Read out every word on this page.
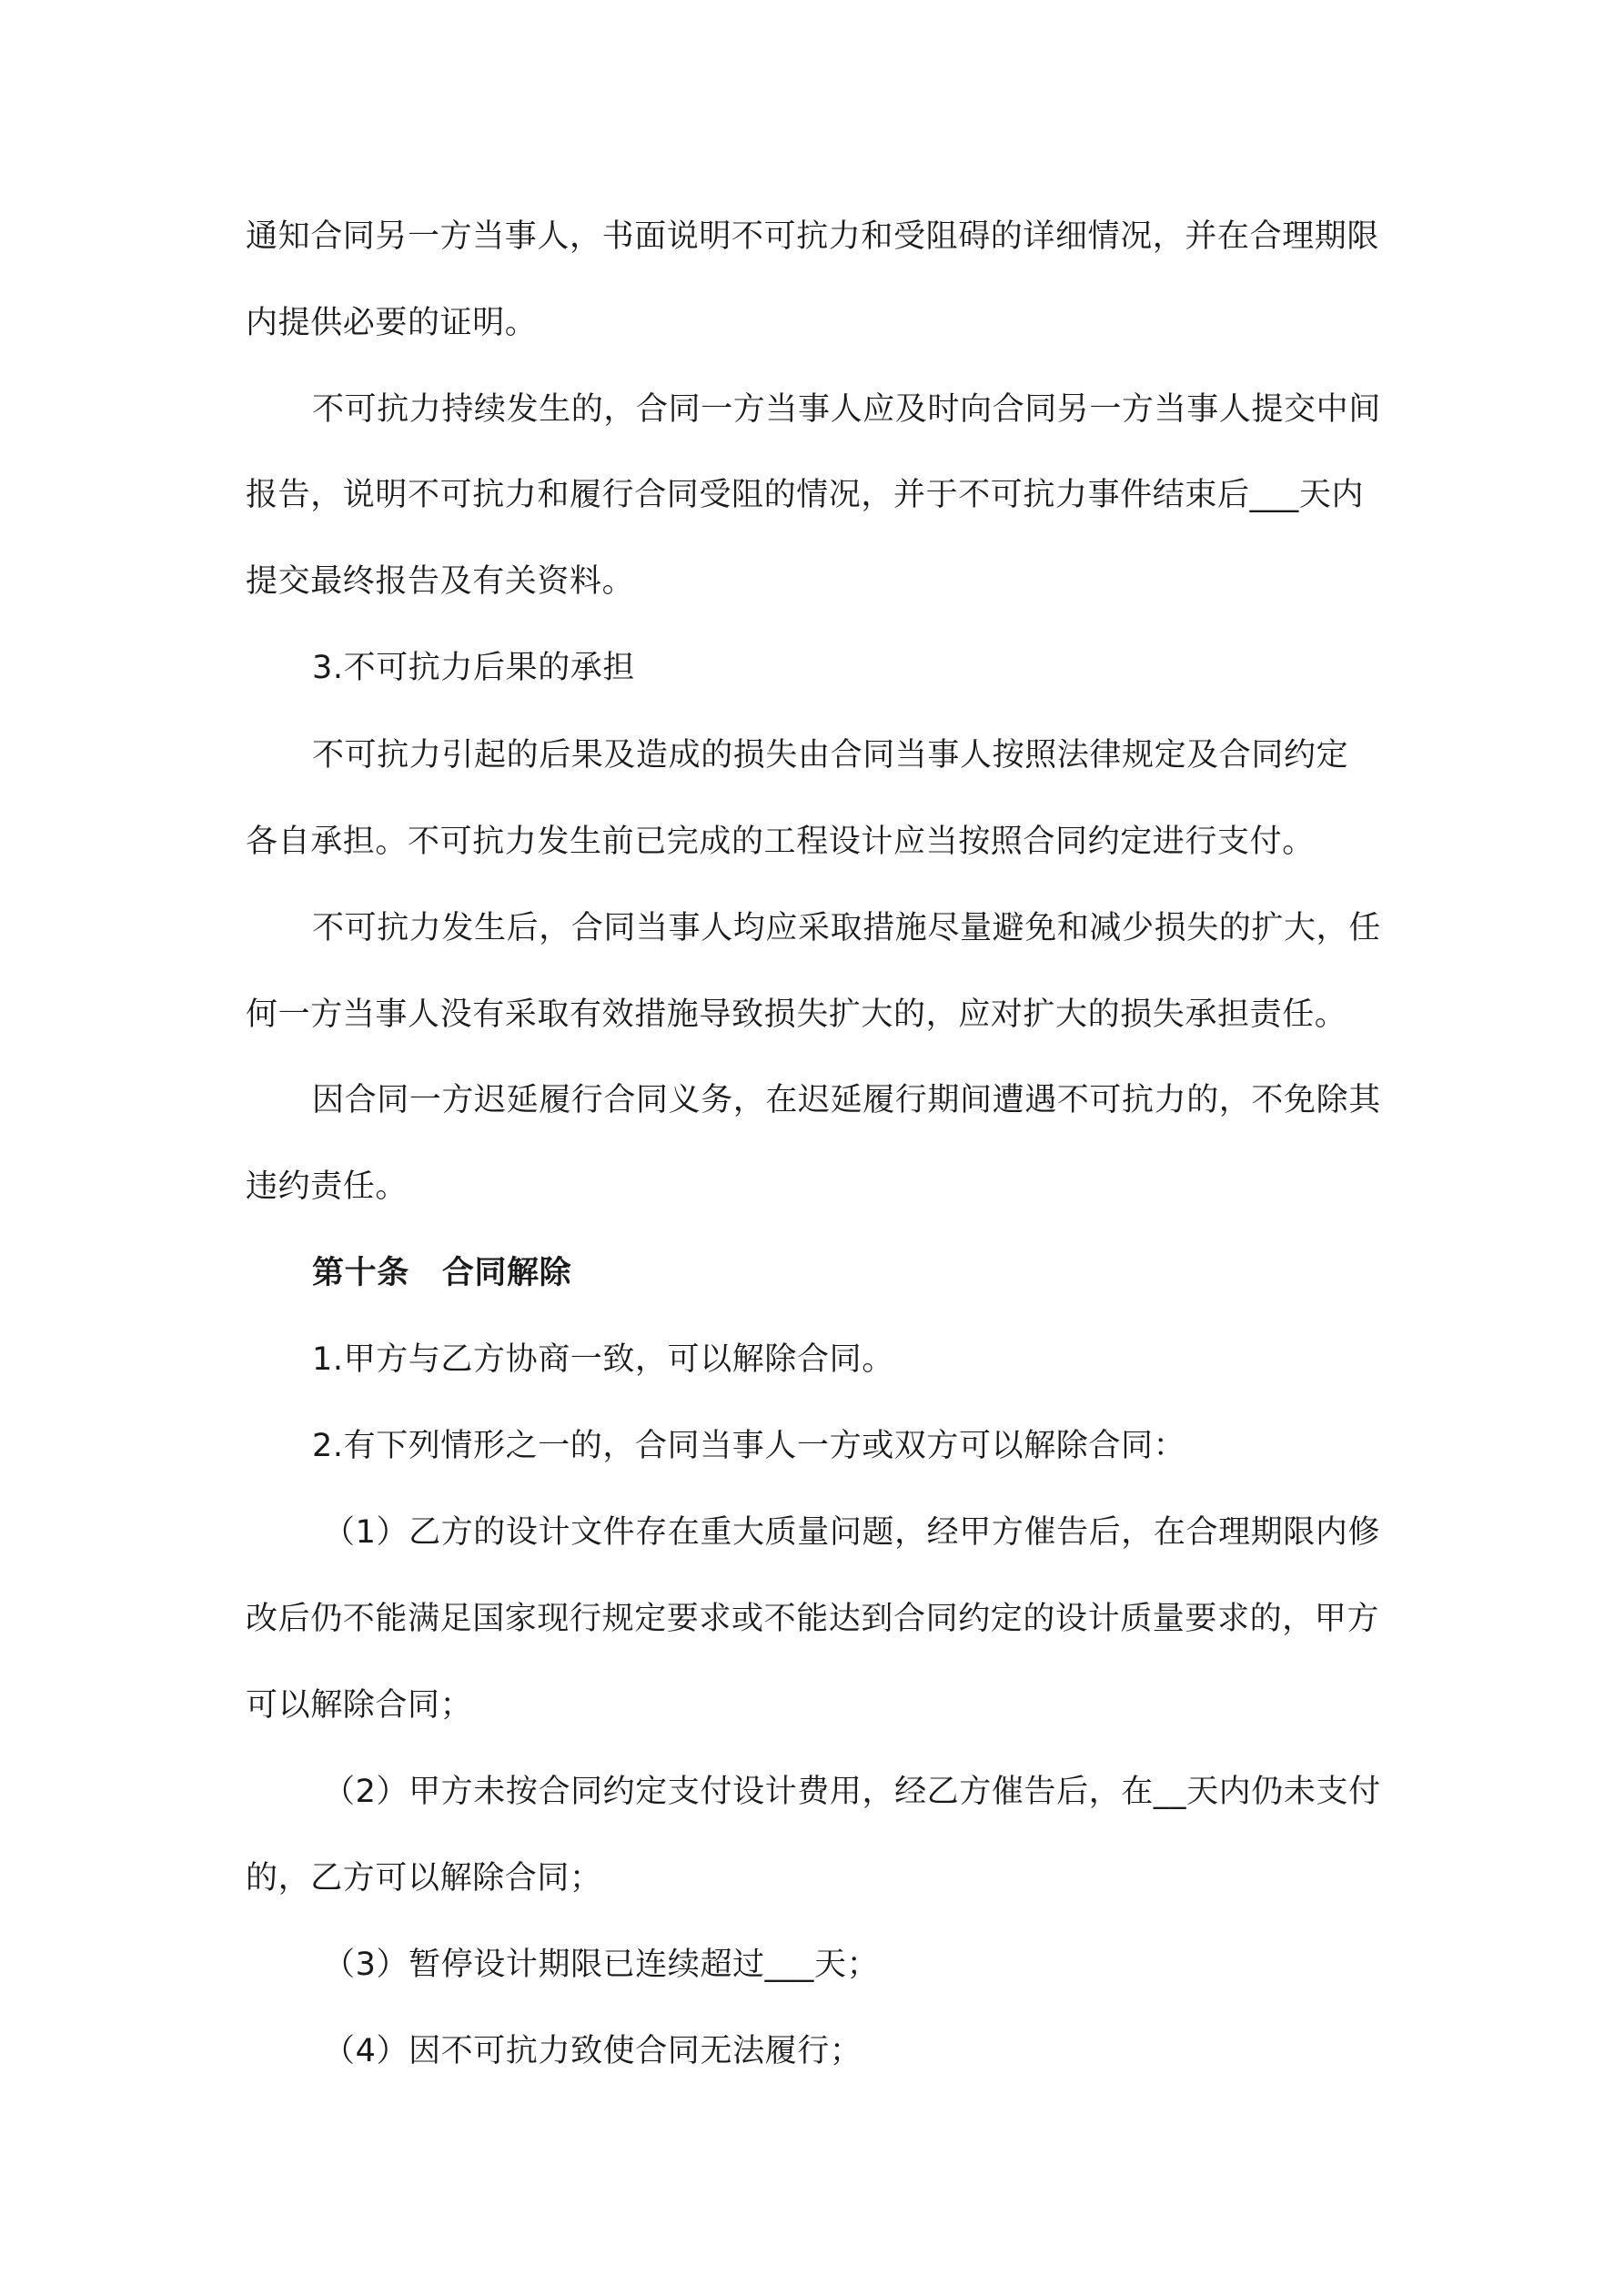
通知合同另一方当事人，书面说明不可抗力和受阻碍的详细情况，并在合理期限
内提供必要的证明。
不可抗力持续发生的，合同一方当事人应及时向合同另一方当事人提交中间
报告，说明不可抗力和履行合同受阻的情况，并于不可抗力事件结束后___天内
提交最终报告及有关资料。
3.不可抗力后果的承担
不可抗力引起的后果及造成的损失由合同当事人按照法律规定及合同约定
各自承担。不可抗力发生前已完成的工程设计应当按照合同约定进行支付。
不可抗力发生后，合同当事人均应采取措施尽量避免和减少损失的扩大，任
何一方当事人没有采取有效措施导致损失扩大的，应对扩大的损失承担责任。
因合同一方迟延履行合同义务，在迟延履行期间遭遇不可抗力的，不免除其
违约责任。
第十条 合同解除
1.甲方与乙方协商一致，可以解除合同。
2.有下列情形之一的，合同当事人一方或双方可以解除合同：
（1）乙方的设计文件存在重大质量问题，经甲方催告后，在合理期限内修
改后仍不能满足国家现行规定要求或不能达到合同约定的设计质量要求的，甲方
可以解除合同；
（2）甲方未按合同约定支付设计费用，经乙方催告后，在__天内仍未支付
的，乙方可以解除合同；
（3）暂停设计期限已连续超过___天；
（4）因不可抗力致使合同无法履行；
